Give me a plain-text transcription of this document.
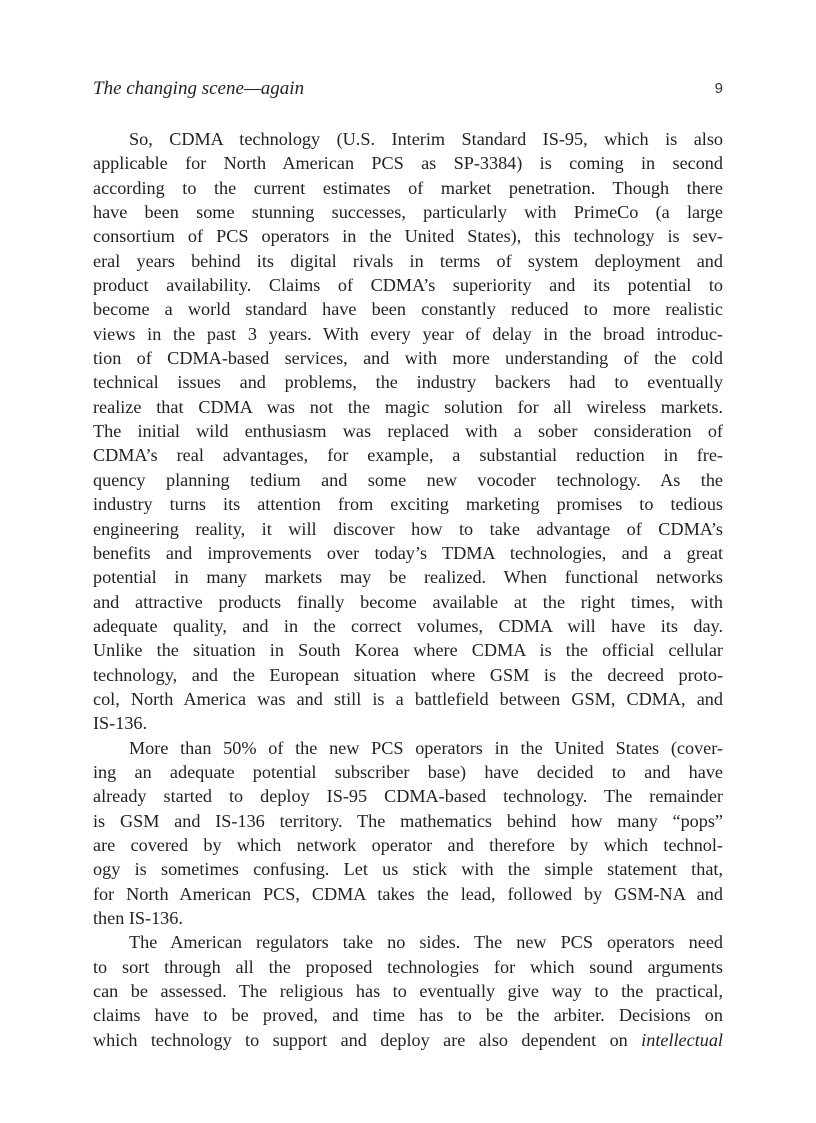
The changing scene—again	9
So, CDMA technology (U.S. Interim Standard IS-95, which is also
applicable for North American PCS as SP-3384) is coming in second
according to the current estimates of market penetration. Though there
have been some stunning successes, particularly with PrimeCo (a large
consortium of PCS operators in the United States), this technology is sev-
eral years behind its digital rivals in terms of system deployment and
product availability. Claims of CDMA’s superiority and its potential to
become a world standard have been constantly reduced to more realistic
views in the past 3 years. With every year of delay in the broad introduc-
tion of CDMA-based services, and with more understanding of the cold
technical issues and problems, the industry backers had to eventually
realize that CDMA was not the magic solution for all wireless markets.
The initial wild enthusiasm was replaced with a sober consideration of
CDMA’s real advantages, for example, a substantial reduction in fre-
quency planning tedium and some new vocoder technology. As the
industry turns its attention from exciting marketing promises to tedious
engineering reality, it will discover how to take advantage of CDMA’s
benefits and improvements over today’s TDMA technologies, and a great
potential in many markets may be realized. When functional networks
and attractive products finally become available at the right times, with
adequate quality, and in the correct volumes, CDMA will have its day.
Unlike the situation in South Korea where CDMA is the official cellular
technology, and the European situation where GSM is the decreed proto-
col, North America was and still is a battlefield between GSM, CDMA, and
IS-136.
More than 50% of the new PCS operators in the United States (cover-
ing an adequate potential subscriber base) have decided to and have
already started to deploy IS-95 CDMA-based technology. The remainder
is GSM and IS-136 territory. The mathematics behind how many “pops”
are covered by which network operator and therefore by which technol-
ogy is sometimes confusing. Let us stick with the simple statement that,
for North American PCS, CDMA takes the lead, followed by GSM-NA and
then IS-136.
The American regulators take no sides. The new PCS operators need
to sort through all the proposed technologies for which sound arguments
can be assessed. The religious has to eventually give way to the practical,
claims have to be proved, and time has to be the arbiter. Decisions on
which technology to support and deploy are also dependent on intellectual
